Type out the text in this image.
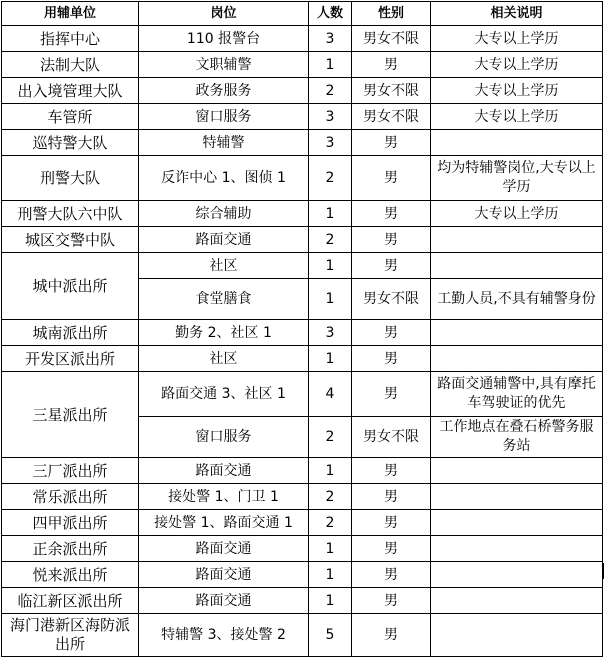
用辅单位	岗位	人数	性别	相关说明
指挥中心	110 报警台	3	男女不限	大专以上学历
法制大队	文职辅警	1	男	大专以上学历
出入境管理大队	政务服务	2	男女不限	大专以上学历
车管所	窗口服务	3	男女不限	大专以上学历
巡特警大队	特辅警	3	男	
刑警大队	反诈中心 1、图侦 1	2	男	均为特辅警岗位,大专以上学历
刑警大队六中队	综合辅助	1	男	大专以上学历
城区交警中队	路面交通	2	男	
城中派出所	社区	1	男	
	食堂膳食	1	男女不限	工勤人员,不具有辅警身份
城南派出所	勤务 2、社区 1	3	男	
开发区派出所	社区	1	男	
三星派出所	路面交通 3、社区 1	4	男	路面交通辅警中,具有摩托车驾驶证的优先
	窗口服务	2	男女不限	工作地点在叠石桥警务服务站
三厂派出所	路面交通	1	男	
常乐派出所	接处警 1、门卫 1	2	男	
四甲派出所	接处警 1、路面交通 1	2	男	
正余派出所	路面交通	1	男	
悦来派出所	路面交通	1	男	
临江新区派出所	路面交通	1	男	
海门港新区海防派出所	特辅警 3、接处警 2	5	男	
